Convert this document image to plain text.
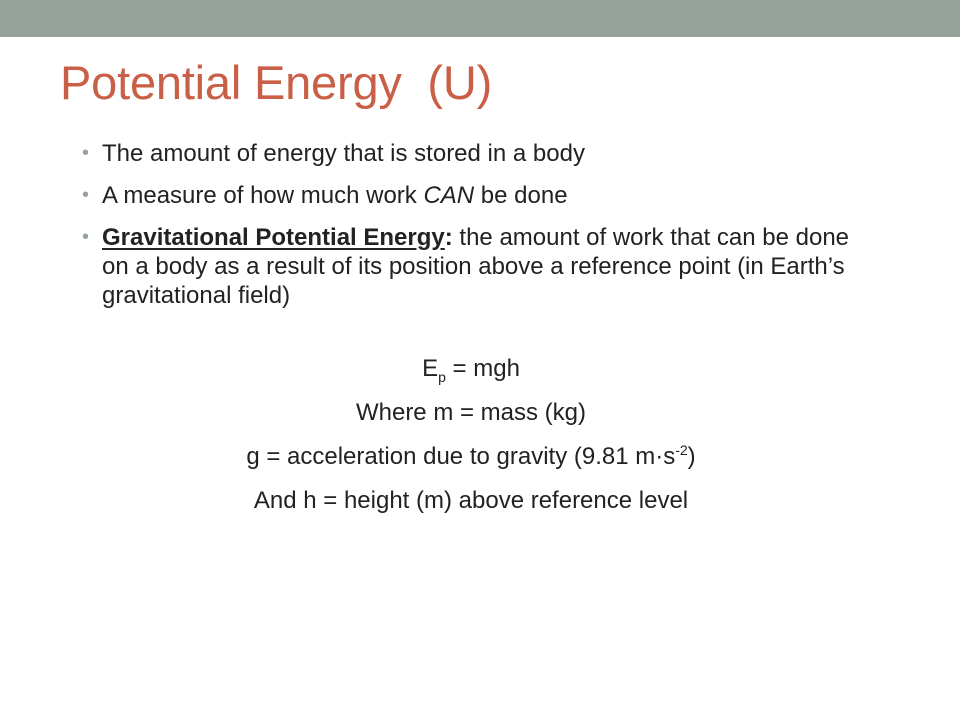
Potential Energy  (U)
• The amount of energy that is stored in a body
• A measure of how much work CAN be done
• Gravitational Potential Energy: the amount of work that can be done on a body as a result of its position above a reference point (in Earth’s gravitational field)
$E_p$ = mgh
Where m = mass (kg)
g = acceleration due to gravity (9.81 $m\cdot s^{-2}$)
And h = height (m) above reference level
